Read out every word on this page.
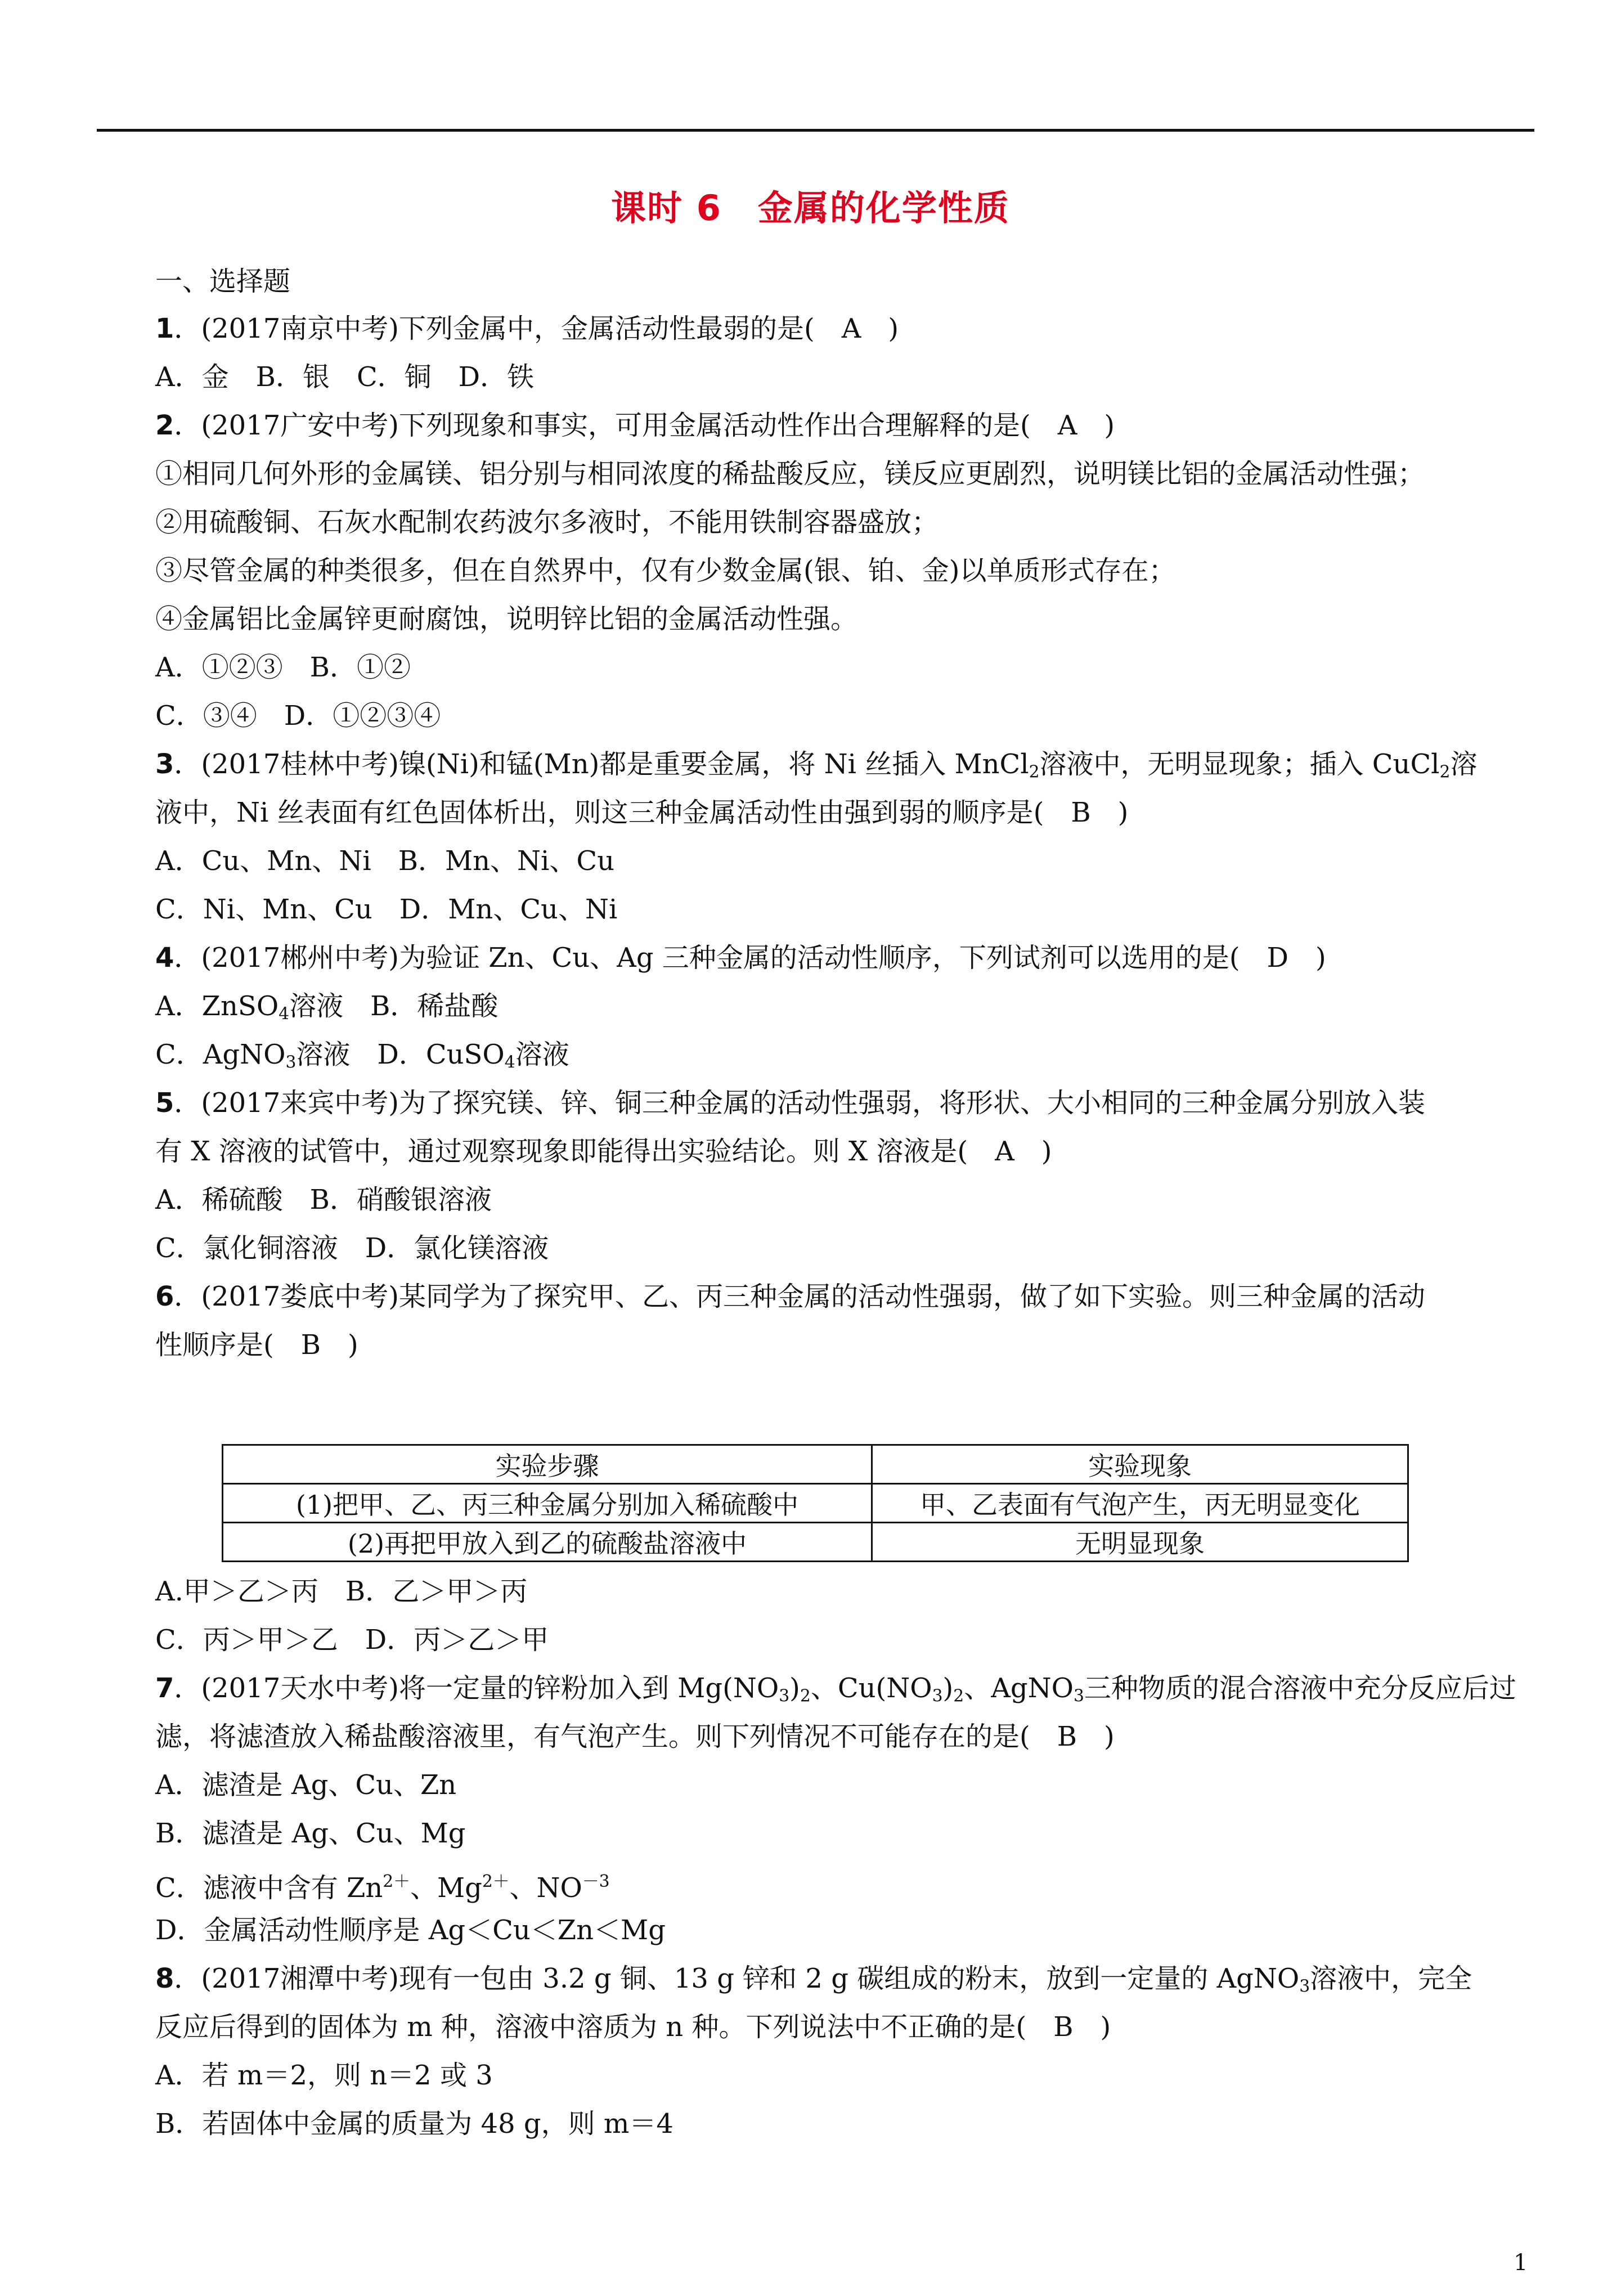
课时 6　金属的化学性质
一、选择题
1．(2017南京中考)下列金属中，金属活动性最弱的是(　A　)
A．金　B．银　C．铜　D．铁
2．(2017广安中考)下列现象和事实，可用金属活动性作出合理解释的是(　A　)
①相同几何外形的金属镁、铝分别与相同浓度的稀盐酸反应，镁反应更剧烈，说明镁比铝的金属活动性强；
②用硫酸铜、石灰水配制农药波尔多液时，不能用铁制容器盛放；
③尽管金属的种类很多，但在自然界中，仅有少数金属(银、铂、金)以单质形式存在；
④金属铝比金属锌更耐腐蚀，说明锌比铝的金属活动性强。
A．①②③　B．①②
C．③④　D．①②③④
3．(2017桂林中考)镍(Ni)和锰(Mn)都是重要金属，将 Ni 丝插入 MnCl$_2$溶液中，无明显现象；插入 CuCl$_2$溶
液中，Ni 丝表面有红色固体析出，则这三种金属活动性由强到弱的顺序是(　B　)
A．Cu、Mn、Ni　B．Mn、Ni、Cu
C．Ni、Mn、Cu　D．Mn、Cu、Ni
4．(2017郴州中考)为验证 Zn、Cu、Ag 三种金属的活动性顺序，下列试剂可以选用的是(　D　)
A．ZnSO$_4$溶液　B．稀盐酸
C．AgNO$_3$溶液　D．CuSO$_4$溶液
5．(2017来宾中考)为了探究镁、锌、铜三种金属的活动性强弱，将形状、大小相同的三种金属分别放入装
有 X 溶液的试管中，通过观察现象即能得出实验结论。则 X 溶液是(　A　)
A．稀硫酸　B．硝酸银溶液
C．氯化铜溶液　D．氯化镁溶液
6．(2017娄底中考)某同学为了探究甲、乙、丙三种金属的活动性强弱，做了如下实验。则三种金属的活动
性顺序是(　B　)
实验步骤	实验现象
(1)把甲、乙、丙三种金属分别加入稀硫酸中	甲、乙表面有气泡产生，丙无明显变化
(2)再把甲放入到乙的硫酸盐溶液中	无明显现象
A.甲＞乙＞丙　B．乙＞甲＞丙
C．丙＞甲＞乙　D．丙＞乙＞甲
7．(2017天水中考)将一定量的锌粉加入到 $Mg(NO_3)_2$、$Cu(NO_3)_2$、AgNO$_3$三种物质的混合溶液中充分反应后过
滤，将滤渣放入稀盐酸溶液里，有气泡产生。则下列情况不可能存在的是(　B　)
A．滤渣是 Ag、Cu、Zn
B．滤渣是 Ag、Cu、Mg
C．滤液中含有 $Zn^{2+}$、$Mg^{2+}$、$NO^{-3}$
D．金属活动性顺序是 Ag＜Cu＜Zn＜Mg
8．(2017湘潭中考)现有一包由 3.2 g 铜、13 g 锌和 2 g 碳组成的粉末，放到一定量的 AgNO$_3$溶液中，完全
反应后得到的固体为 m 种，溶液中溶质为 n 种。下列说法中不正确的是(　B　)
A．若 m＝2，则 n＝2 或 3
B．若固体中金属的质量为 48 g，则 m＝4
1
